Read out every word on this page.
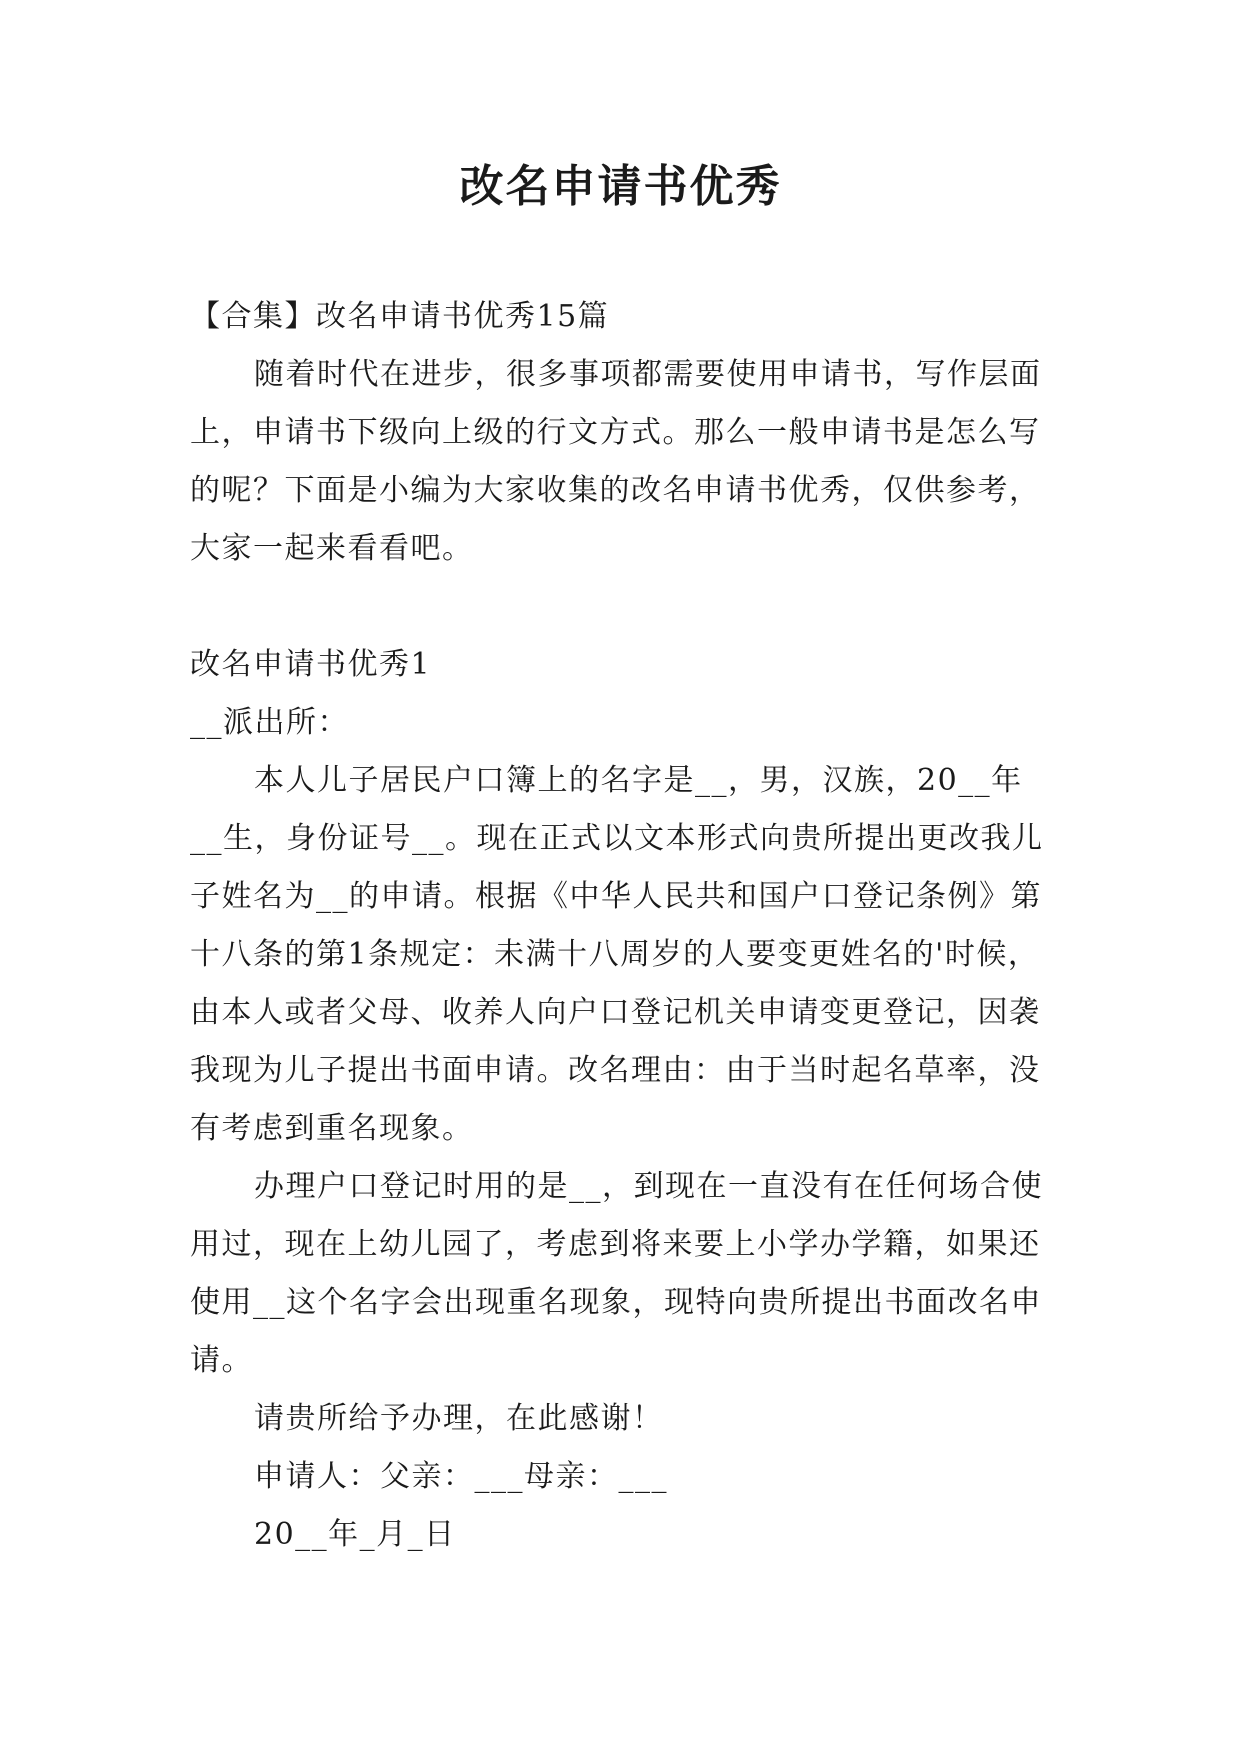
改名申请书优秀

【合集】改名申请书优秀15篇

随着时代在进步，很多事项都需要使用申请书，写作层面上，申请书下级向上级的行文方式。那么一般申请书是怎么写的呢？下面是小编为大家收集的改名申请书优秀，仅供参考，大家一起来看看吧。

改名申请书优秀1

__派出所：

本人儿子居民户口簿上的名字是__，男，汉族，20__年__生，身份证号__。现在正式以文本形式向贵所提出更改我儿子姓名为__的申请。根据《中华人民共和国户口登记条例》第十八条的第1条规定：未满十八周岁的人要变更姓名的'时候，由本人或者父母、收养人向户口登记机关申请变更登记，因袭我现为儿子提出书面申请。改名理由：由于当时起名草率，没有考虑到重名现象。

办理户口登记时用的是__，到现在一直没有在任何场合使用过，现在上幼儿园了，考虑到将来要上小学办学籍，如果还使用__这个名字会出现重名现象，现特向贵所提出书面改名申请。

请贵所给予办理，在此感谢！

申请人：父亲：___母亲：___

20__年_月_日
